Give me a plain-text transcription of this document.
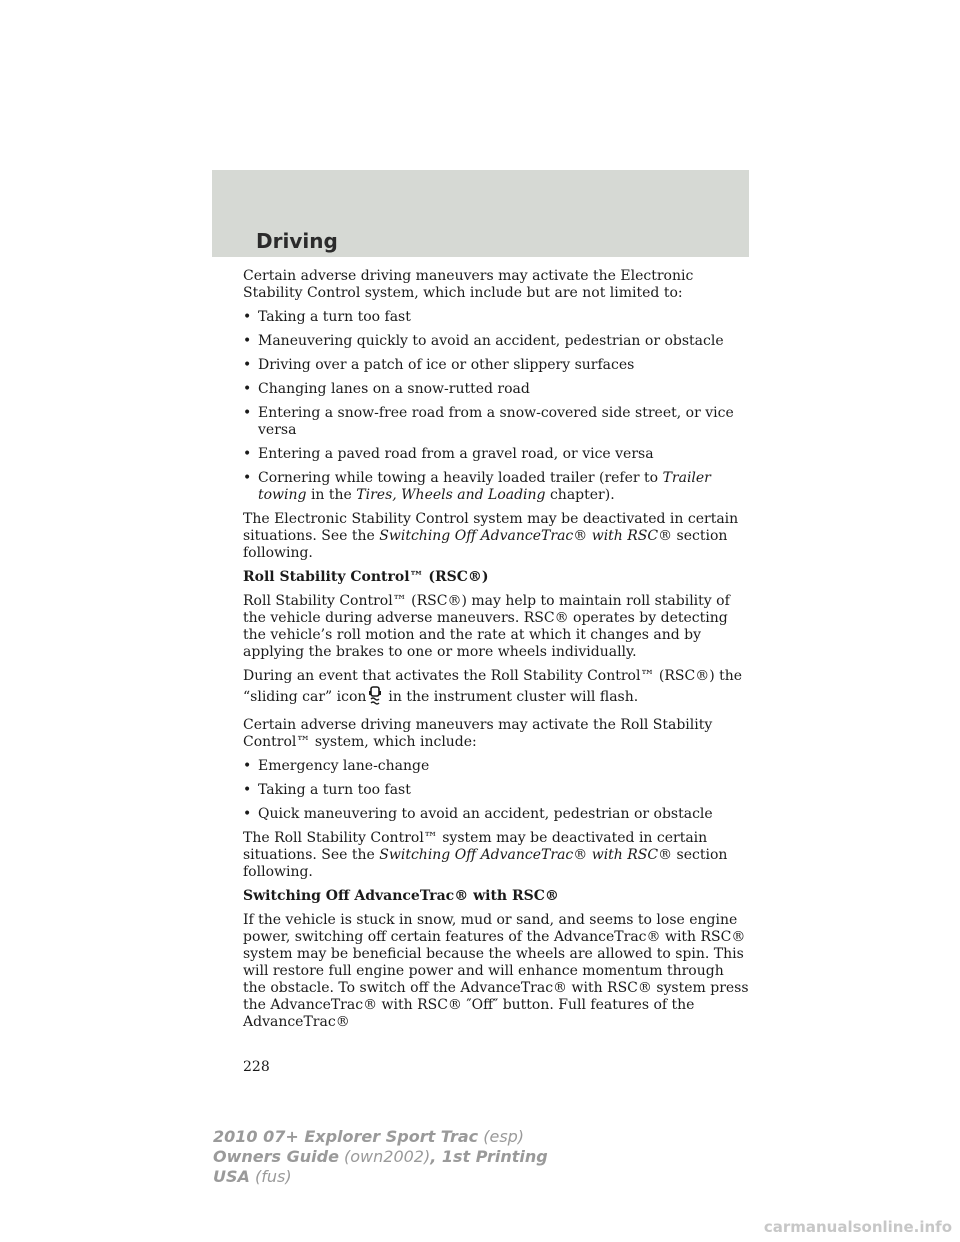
Driving

Certain adverse driving maneuvers may activate the Electronic Stability Control system, which include but are not limited to:

• Taking a turn too fast
• Maneuvering quickly to avoid an accident, pedestrian or obstacle
• Driving over a patch of ice or other slippery surfaces
• Changing lanes on a snow-rutted road
• Entering a snow-free road from a snow-covered side street, or vice versa
• Entering a paved road from a gravel road, or vice versa
• Cornering while towing a heavily loaded trailer (refer to Trailer towing in the Tires, Wheels and Loading chapter).

The Electronic Stability Control system may be deactivated in certain situations. See the Switching Off AdvanceTrac® with RSC® section following.

Roll Stability Control™ (RSC®)

Roll Stability Control™ (RSC®) may help to maintain roll stability of the vehicle during adverse maneuvers. RSC® operates by detecting the vehicle’s roll motion and the rate at which it changes and by applying the brakes to one or more wheels individually.

During an event that activates the Roll Stability Control™ (RSC®) the “sliding car” icon in the instrument cluster will flash.

Certain adverse driving maneuvers may activate the Roll Stability Control™ system, which include:

• Emergency lane-change
• Taking a turn too fast
• Quick maneuvering to avoid an accident, pedestrian or obstacle

The Roll Stability Control™ system may be deactivated in certain situations. See the Switching Off AdvanceTrac® with RSC® section following.

Switching Off AdvanceTrac® with RSC®

If the vehicle is stuck in snow, mud or sand, and seems to lose engine power, switching off certain features of the AdvanceTrac® with RSC® system may be beneficial because the wheels are allowed to spin. This will restore full engine power and will enhance momentum through the obstacle. To switch off the AdvanceTrac® with RSC® system press the AdvanceTrac® with RSC® ″Off″ button. Full features of the AdvanceTrac®

228
2010 07+ Explorer Sport Trac (esp)
Owners Guide (own2002), 1st Printing
USA (fus)
carmanualsonline.info
